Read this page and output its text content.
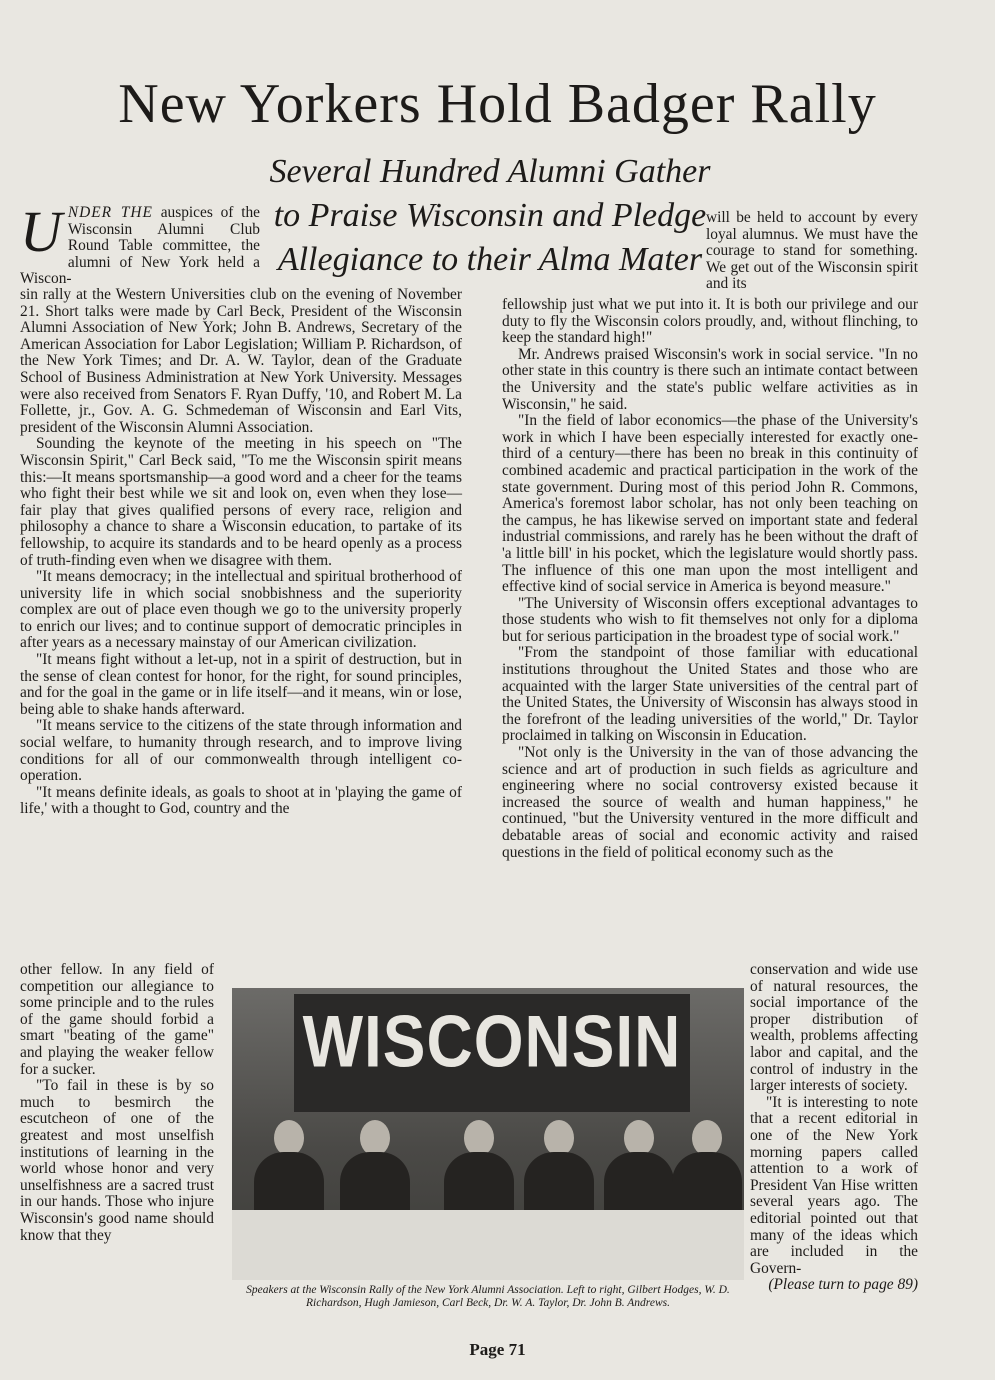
New Yorkers Hold Badger Rally
Several Hundred Alumni Gather to Praise Wisconsin and Pledge Allegiance to their Alma Mater

UNDER THE auspices of the Wisconsin Alumni Club Round Table committee, the alumni of New York held a Wiscon-

sin rally at the Western Universities club on the evening of November 21. Short talks were made by Carl Beck, President of the Wisconsin Alumni Association of New York; John B. Andrews, Secretary of the American Association for Labor Legislation; William P. Richardson, of the New York Times; and Dr. A. W. Taylor, dean of the Graduate School of Business Administration at New York University. Messages were also received from Senators F. Ryan Duffy, '10, and Robert M. La Follette, jr., Gov. A. G. Schmedeman of Wisconsin and Earl Vits, president of the Wisconsin Alumni Association.

Sounding the keynote of the meeting in his speech on "The Wisconsin Spirit," Carl Beck said, "To me the Wisconsin spirit means this:—It means sportsmanship—a good word and a cheer for the teams who fight their best while we sit and look on, even when they lose—fair play that gives qualified persons of every race, religion and philosophy a chance to share a Wisconsin education, to partake of its fellowship, to acquire its standards and to be heard openly as a process of truth-finding even when we disagree with them.

"It means democracy; in the intellectual and spiritual brotherhood of university life in which social snobbishness and the superiority complex are out of place even though we go to the university properly to enrich our lives; and to continue support of democratic principles in after years as a necessary mainstay of our American civilization.

"It means fight without a let-up, not in a spirit of destruction, but in the sense of clean contest for honor, for the right, for sound principles, and for the goal in the game or in life itself—and it means, win or lose, being able to shake hands afterward.

"It means service to the citizens of the state through information and social welfare, to humanity through research, and to improve living conditions for all of our commonwealth through intelligent co-operation.

"It means definite ideals, as goals to shoot at in 'playing the game of life,' with a thought to God, country and the

will be held to account by every loyal alumnus. We must have the courage to stand for something. We get out of the Wisconsin spirit and its

fellowship just what we put into it. It is both our privilege and our duty to fly the Wisconsin colors proudly, and, without flinching, to keep the standard high!"

Mr. Andrews praised Wisconsin's work in social service. "In no other state in this country is there such an intimate contact between the University and the state's public welfare activities as in Wisconsin," he said.

"In the field of labor economics—the phase of the University's work in which I have been especially interested for exactly one-third of a century—there has been no break in this continuity of combined academic and practical participation in the work of the state government. During most of this period John R. Commons, America's foremost labor scholar, has not only been teaching on the campus, he has likewise served on important state and federal industrial commissions, and rarely has he been without the draft of 'a little bill' in his pocket, which the legislature would shortly pass. The influence of this one man upon the most intelligent and effective kind of social service in America is beyond measure."

"The University of Wisconsin offers exceptional advantages to those students who wish to fit themselves not only for a diploma but for serious participation in the broadest type of social work."

"From the standpoint of those familiar with educational institutions throughout the United States and those who are acquainted with the larger State universities of the central part of the United States, the University of Wisconsin has always stood in the forefront of the leading universities of the world," Dr. Taylor proclaimed in talking on Wisconsin in Education.

"Not only is the University in the van of those advancing the science and art of production in such fields as agriculture and engineering where no social controversy existed because it increased the source of wealth and human happiness," he continued, "but the University ventured in the more difficult and debatable areas of social and economic activity and raised questions in the field of political economy such as the

other fellow. In any field of competition our allegiance to some principle and to the rules of the game should forbid a smart "beating of the game" and playing the weaker fellow for a sucker.

"To fail in these is by so much to besmirch the escutcheon of one of the greatest and most unselfish institutions of learning in the world whose honor and very unselfishness are a sacred trust in our hands. Those who injure Wisconsin's good name should know that they

conservation and wide use of natural resources, the social importance of the proper distribution of wealth, problems affecting labor and capital, and the control of industry in the larger interests of society.

"It is interesting to note that a recent editorial in one of the New York morning papers called attention to a work of President Van Hise written several years ago. The editorial pointed out that many of the ideas which are included in the Govern-

(Please turn to page 89)

WISCONSIN
Speakers at the Wisconsin Rally of the New York Alumni Association. Left to right, Gilbert Hodges, W. D. Richardson, Hugh Jamieson, Carl Beck, Dr. W. A. Taylor, Dr. John B. Andrews.
Page 71
